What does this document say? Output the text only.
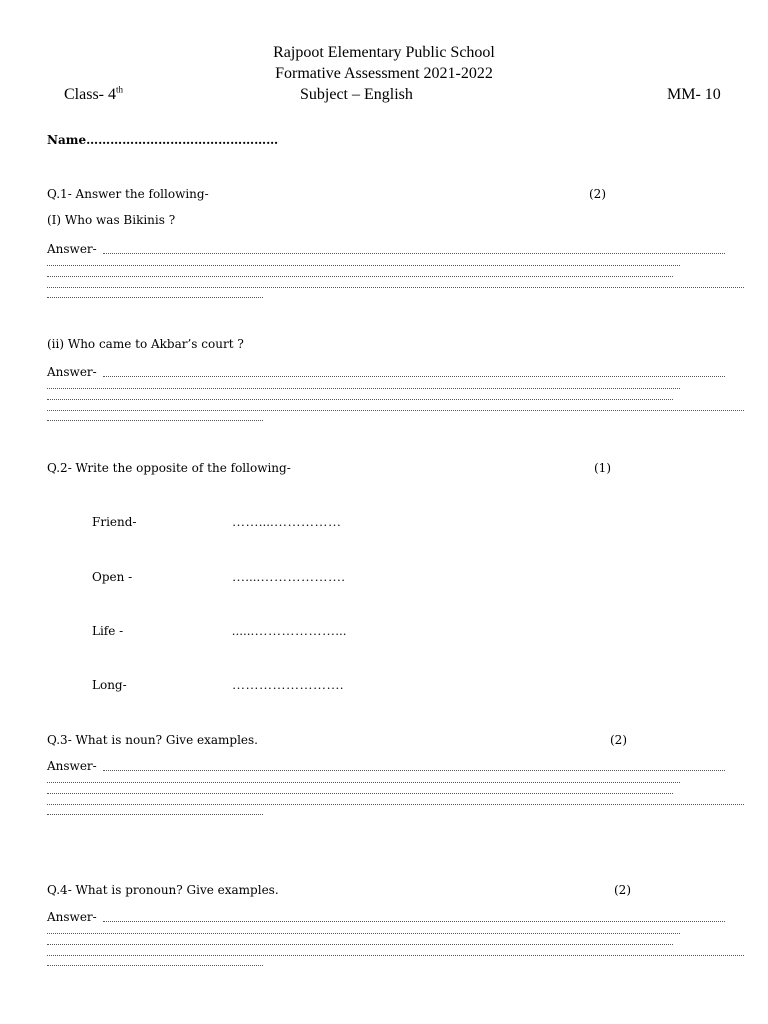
Rajpoot Elementary Public School
Formative Assessment 2021-2022
Class- 4th	Subject – English	MM- 10
Name…………………………………………
Q.1- Answer the following-	(2)
(I) Who was Bikinis ?
Answer-
(ii) Who came to Akbar’s court ?
Answer-
Q.2- Write the opposite of the following-	(1)
Friend-	……....……………
Open -	…....……………….
Life -	......………………...
Long-	…………………….
Q.3- What is noun? Give examples.	(2)
Answer-
Q.4- What is pronoun? Give examples.	(2)
Answer-
